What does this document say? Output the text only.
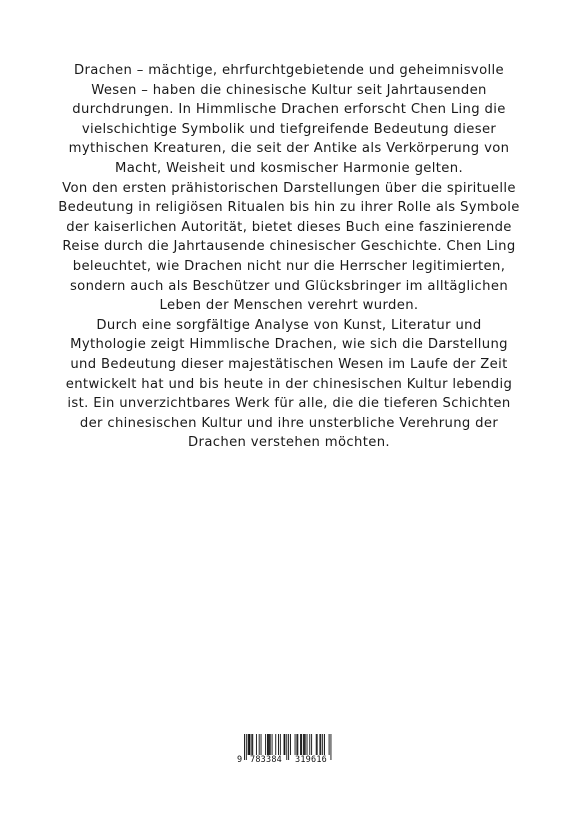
Drachen – mächtige, ehrfurchtgebietende und geheimnisvolle Wesen – haben die chinesische Kultur seit Jahrtausenden durchdrungen. In Himmlische Drachen erforscht Chen Ling die vielschichtige Symbolik und tiefgreifende Bedeutung dieser mythischen Kreaturen, die seit der Antike als Verkörperung von Macht, Weisheit und kosmischer Harmonie gelten.

Von den ersten prähistorischen Darstellungen über die spirituelle Bedeutung in religiösen Ritualen bis hin zu ihrer Rolle als Symbole der kaiserlichen Autorität, bietet dieses Buch eine faszinierende Reise durch die Jahrtausende chinesischer Geschichte. Chen Ling beleuchtet, wie Drachen nicht nur die Herrscher legitimierten, sondern auch als Beschützer und Glücksbringer im alltäglichen Leben der Menschen verehrt wurden.

Durch eine sorgfältige Analyse von Kunst, Literatur und Mythologie zeigt Himmlische Drachen, wie sich die Darstellung und Bedeutung dieser majestätischen Wesen im Laufe der Zeit entwickelt hat und bis heute in der chinesischen Kultur lebendig ist. Ein unverzichtbares Werk für alle, die die tieferen Schichten der chinesischen Kultur und ihre unsterbliche Verehrung der Drachen verstehen möchten.

9 783384	319616
